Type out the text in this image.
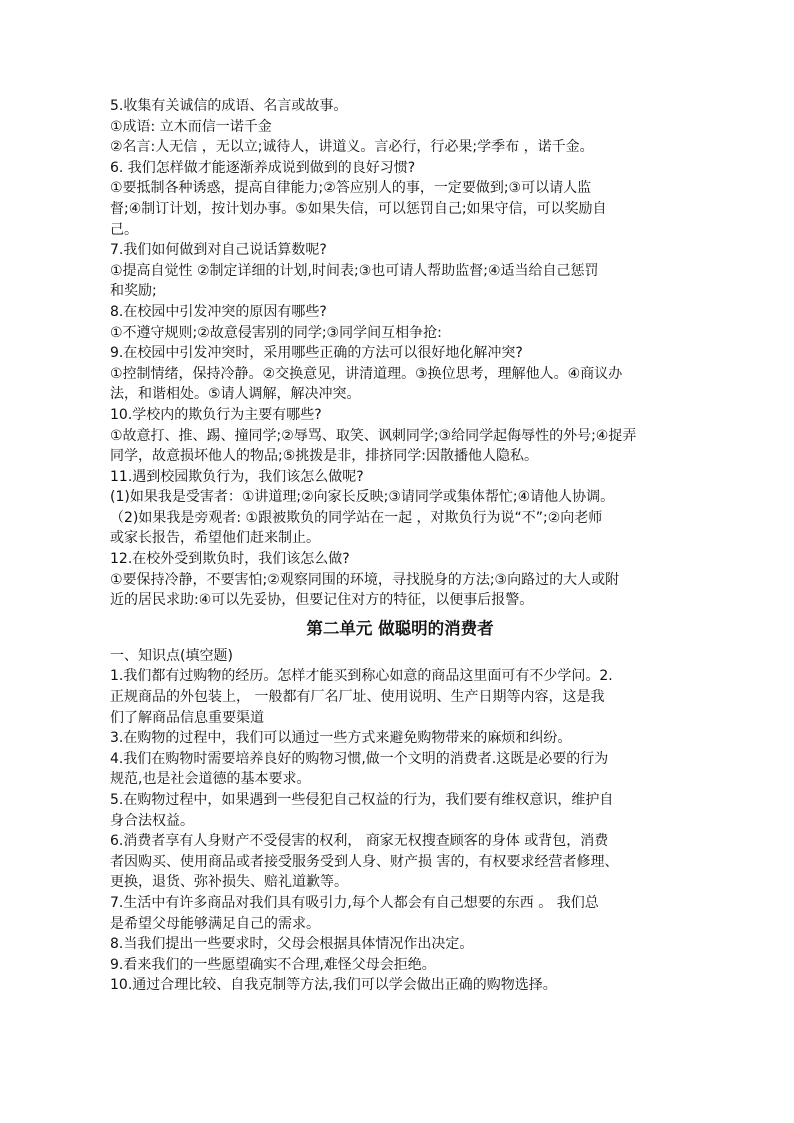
5.收集有关诚信的成语、名言或故事。
①成语: 立木而信一诺千金
②名言:人无信 ，无以立;诚待人，讲道义。言必行，行必果;学季布 ，诺千金。
6. 我们怎样做才能逐渐养成说到做到的良好习惯?
①要抵制各种诱惑，提高自律能力;②答应别人的事，一定要做到;③可以请人监
督;④制订计划，按计划办事。⑤如果失信，可以惩罚自己;如果守信，可以奖励自
己。
7.我们如何做到对自己说话算数呢?
①提高自觉性 ②制定详细的计划,时间表;③也可请人帮助监督;④适当给自己惩罚
和奖励;
8.在校园中引发冲突的原因有哪些?
①不遵守规则;②故意侵害别的同学;③同学间互相争抢:
9.在校园中引发冲突时，采用哪些正确的方法可以很好地化解冲突?
①控制情绪，保持冷静。②交换意见，讲清道理。③换位思考，理解他人。④商议办
法，和谐相处。⑤请人调解，解决冲突。
10.学校内的欺负行为主要有哪些?
①故意打、推、踢、撞同学;②辱骂、取笑、讽刺同学;③给同学起侮辱性的外号;④捉弄
同学，故意损坏他人的物品;⑤挑拨是非，排挤同学:因散播他人隐私。
11.遇到校园欺负行为，我们该怎么做呢?
(1)如果我是受害者：①讲道理;②向家长反映;③请同学或集体帮忙;④请他人协调。
（2)如果我是旁观者: ①跟被欺负的同学站在一起 ，对欺负行为说“不”;②向老师
或家长报告，希望他们赶来制止。
12.在校外受到欺负时，我们该怎么做?
①要保持冷静，不要害怕;②观察同围的环境，寻找脱身的方法;③向路过的大人或附
近的居民求助:④可以先妥协，但要记住对方的特征，以便事后报警。
第二单元 做聪明的消费者
一、知识点(填空题)
1.我们都有过购物的经历。怎样才能买到称心如意的商品这里面可有不少学问。2.
正规商品的外包装上， 一般都有厂名厂址、使用说明、生产日期等内容，这是我
们了解商品信息重要渠道
3.在购物的过程中，我们可以通过一些方式来避免购物带来的麻烦和纠纷。
4.我们在购物时需要培养良好的购物习惯,做一个文明的消费者.这既是必要的行为
规范,也是社会道德的基本要求。
5.在购物过程中，如果遇到一些侵犯自己权益的行为，我们要有维权意识，维护自
身合法权益。
6.消费者享有人身财产不受侵害的权利， 商家无权搜查顾客的身体 或背包，消费
者因购买、使用商品或者接受服务受到人身、财产损 害的，有权要求经营者修理、
更换，退货、弥补损失、赔礼道歉等。
7.生活中有许多商品对我们具有吸引力,每个人都会有自己想要的东西 。 我们总
是希望父母能够满足自己的需求。
8.当我们提出一些要求时，父母会根据具体情况作出决定。
9.看来我们的一些愿望确实不合理,难怪父母会拒绝。
10.通过合理比较、自我克制等方法,我们可以学会做出正确的购物选择。
